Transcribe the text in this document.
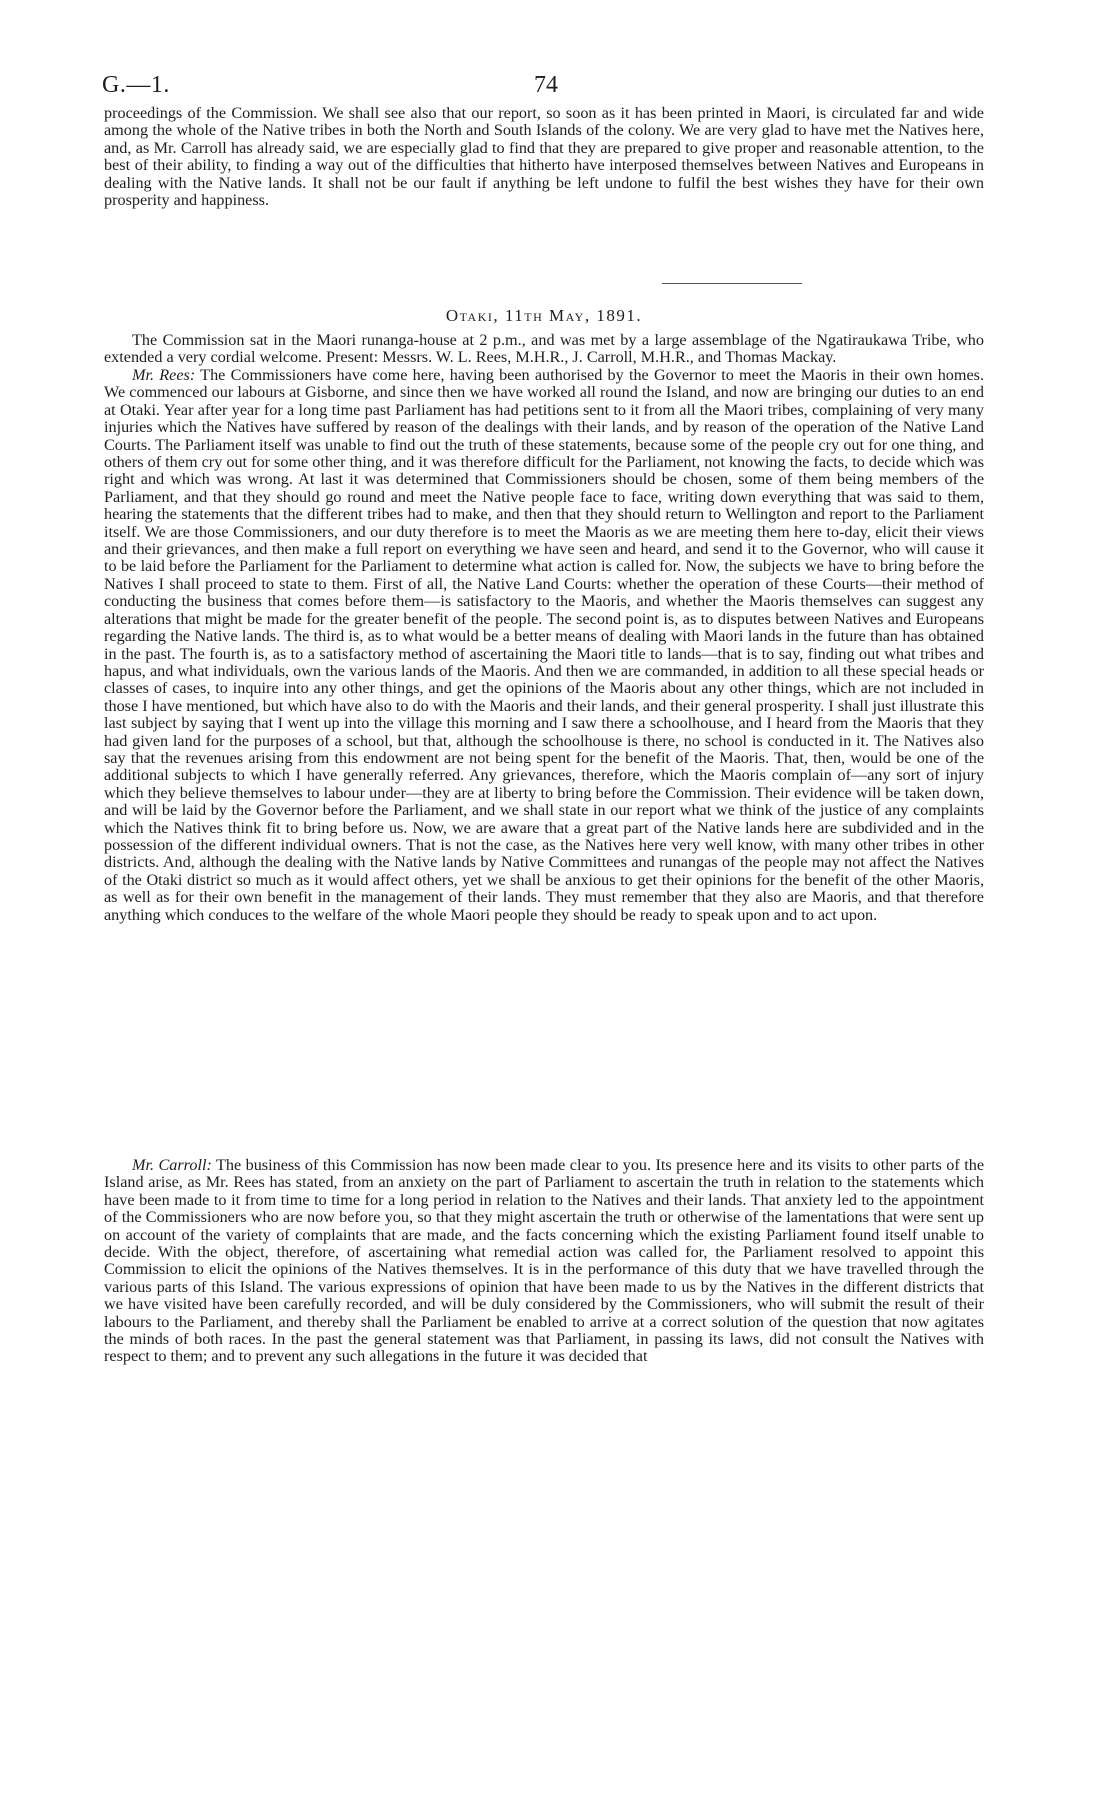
G.—1.	74

proceedings of the Commission. We shall see also that our report, so soon as it has been printed in Maori, is circulated far and wide among the whole of the Native tribes in both the North and South Islands of the colony. We are very glad to have met the Natives here, and, as Mr. Carroll has already said, we are especially glad to find that they are prepared to give proper and reasonable attention, to the best of their ability, to finding a way out of the difficulties that hitherto have interposed themselves between Natives and Europeans in dealing with the Native lands. It shall not be our fault if anything be left undone to fulfil the best wishes they have for their own prosperity and happiness.

Otaki, 11th May, 1891.

The Commission sat in the Maori runanga-house at 2 p.m., and was met by a large assemblage of the Ngatiraukawa Tribe, who extended a very cordial welcome. Present: Messrs. W. L. Rees, M.H.R., J. Carroll, M.H.R., and Thomas Mackay.

Mr. Rees: The Commissioners have come here, having been authorised by the Governor to meet the Maoris in their own homes. We commenced our labours at Gisborne, and since then we have worked all round the Island, and now are bringing our duties to an end at Otaki. Year after year for a long time past Parliament has had petitions sent to it from all the Maori tribes, complaining of very many injuries which the Natives have suffered by reason of the dealings with their lands, and by reason of the operation of the Native Land Courts. The Parliament itself was unable to find out the truth of these statements, because some of the people cry out for one thing, and others of them cry out for some other thing, and it was therefore difficult for the Parliament, not knowing the facts, to decide which was right and which was wrong. At last it was determined that Commissioners should be chosen, some of them being members of the Parliament, and that they should go round and meet the Native people face to face, writing down everything that was said to them, hearing the statements that the different tribes had to make, and then that they should return to Wellington and report to the Parliament itself. We are those Commissioners, and our duty therefore is to meet the Maoris as we are meeting them here to-day, elicit their views and their grievances, and then make a full report on everything we have seen and heard, and send it to the Governor, who will cause it to be laid before the Parliament for the Parliament to determine what action is called for. Now, the subjects we have to bring before the Natives I shall proceed to state to them. First of all, the Native Land Courts: whether the operation of these Courts—their method of conducting the business that comes before them—is satisfactory to the Maoris, and whether the Maoris themselves can suggest any alterations that might be made for the greater benefit of the people. The second point is, as to disputes between Natives and Europeans regarding the Native lands. The third is, as to what would be a better means of dealing with Maori lands in the future than has obtained in the past. The fourth is, as to a satisfactory method of ascertaining the Maori title to lands—that is to say, finding out what tribes and hapus, and what individuals, own the various lands of the Maoris. And then we are commanded, in addition to all these special heads or classes of cases, to inquire into any other things, and get the opinions of the Maoris about any other things, which are not included in those I have mentioned, but which have also to do with the Maoris and their lands, and their general prosperity. I shall just illustrate this last subject by saying that I went up into the village this morning and I saw there a schoolhouse, and I heard from the Maoris that they had given land for the purposes of a school, but that, although the schoolhouse is there, no school is conducted in it. The Natives also say that the revenues arising from this endowment are not being spent for the benefit of the Maoris. That, then, would be one of the additional subjects to which I have generally referred. Any grievances, therefore, which the Maoris complain of—any sort of injury which they believe themselves to labour under—they are at liberty to bring before the Commission. Their evidence will be taken down, and will be laid by the Governor before the Parliament, and we shall state in our report what we think of the justice of any complaints which the Natives think fit to bring before us. Now, we are aware that a great part of the Native lands here are subdivided and in the possession of the different individual owners. That is not the case, as the Natives here very well know, with many other tribes in other districts. And, although the dealing with the Native lands by Native Committees and runangas of the people may not affect the Natives of the Otaki district so much as it would affect others, yet we shall be anxious to get their opinions for the benefit of the other Maoris, as well as for their own benefit in the management of their lands. They must remember that they also are Maoris, and that therefore anything which conduces to the welfare of the whole Maori people they should be ready to speak upon and to act upon.

Mr. Carroll: The business of this Commission has now been made clear to you. Its presence here and its visits to other parts of the Island arise, as Mr. Rees has stated, from an anxiety on the part of Parliament to ascertain the truth in relation to the statements which have been made to it from time to time for a long period in relation to the Natives and their lands. That anxiety led to the appointment of the Commissioners who are now before you, so that they might ascertain the truth or otherwise of the lamentations that were sent up on account of the variety of complaints that are made, and the facts concerning which the existing Parliament found itself unable to decide. With the object, therefore, of ascertaining what remedial action was called for, the Parliament resolved to appoint this Commission to elicit the opinions of the Natives themselves. It is in the performance of this duty that we have travelled through the various parts of this Island. The various expressions of opinion that have been made to us by the Natives in the different districts that we have visited have been carefully recorded, and will be duly considered by the Commissioners, who will submit the result of their labours to the Parliament, and thereby shall the Parliament be enabled to arrive at a correct solution of the question that now agitates the minds of both races. In the past the general statement was that Parliament, in passing its laws, did not consult the Natives with respect to them; and to prevent any such allegations in the future it was decided that
